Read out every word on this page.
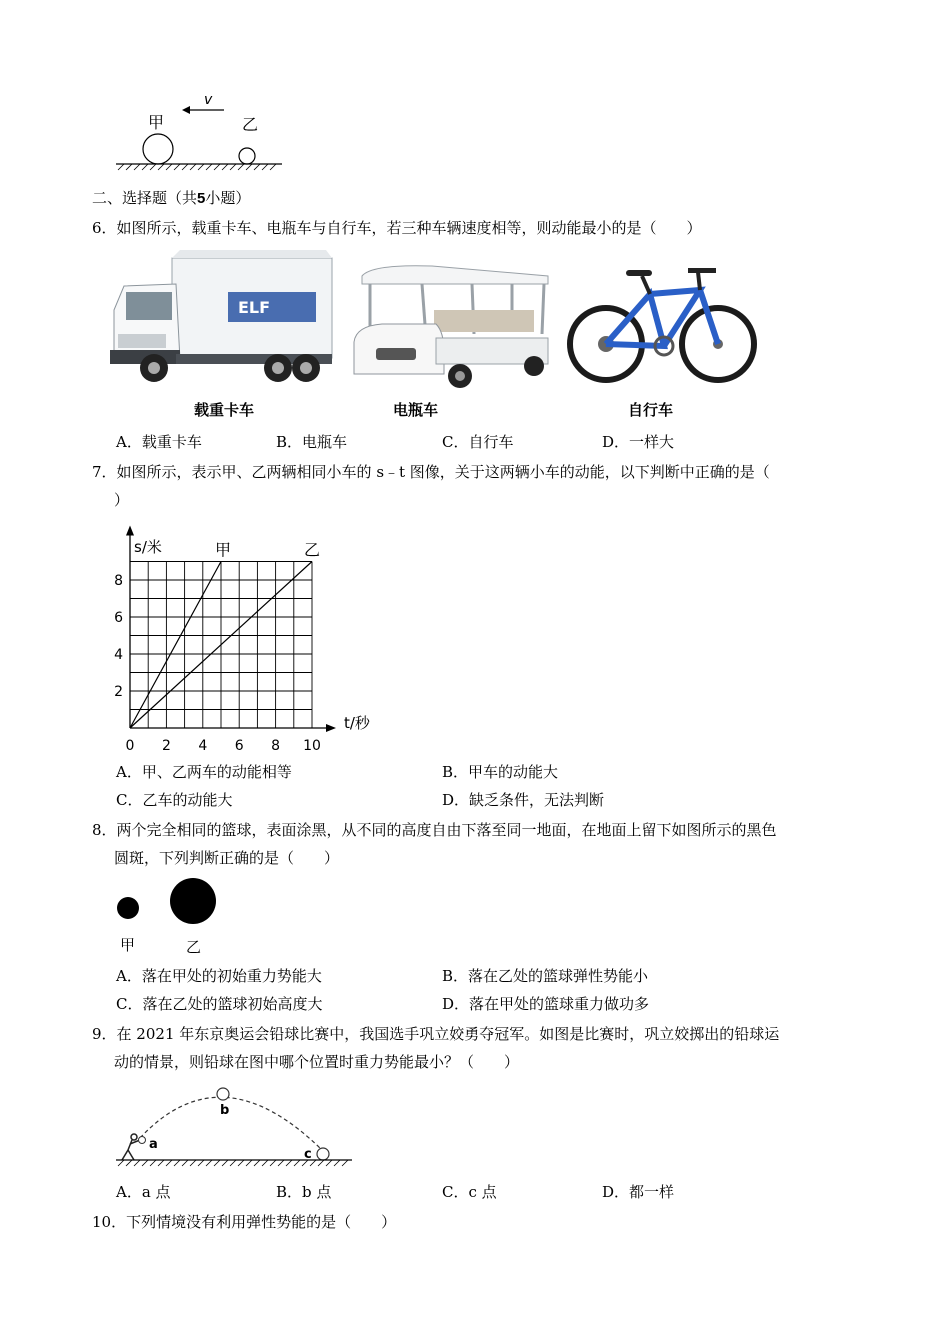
甲	乙
v
二、选择题（共5小题）
6．如图所示，载重卡车、电瓶车与自行车，若三种车辆速度相等，则动能最小的是（　　）
ELF
载重卡车	电瓶车	自行车
A．载重卡车	B．电瓶车	C．自行车	D．一样大
7．如图所示，表示甲、乙两辆相同小车的 s﹣t 图像，关于这两辆小车的动能，以下判断中正确的是（
）
甲	乙
0 2 4 6 8 10
2
4
6
8
s/米
t/秒
A．甲、乙两车的动能相等	B．甲车的动能大
C．乙车的动能大	D．缺乏条件，无法判断
8．两个完全相同的篮球，表面涂黑，从不同的高度自由下落至同一地面，在地面上留下如图所示的黑色
圆斑，下列判断正确的是（　　）
甲	乙
A．落在甲处的初始重力势能大	B．落在乙处的篮球弹性势能小
C．落在乙处的篮球初始高度大	D．落在甲处的篮球重力做功多
9．在 2021 年东京奥运会铅球比赛中，我国选手巩立姣勇夺冠军。如图是比赛时，巩立姣掷出的铅球运
动的情景，则铅球在图中哪个位置时重力势能最小？（　　）
b
c
a
A．a 点	B．b 点	C．c 点	D．都一样
10．下列情境没有利用弹性势能的是（　　）
